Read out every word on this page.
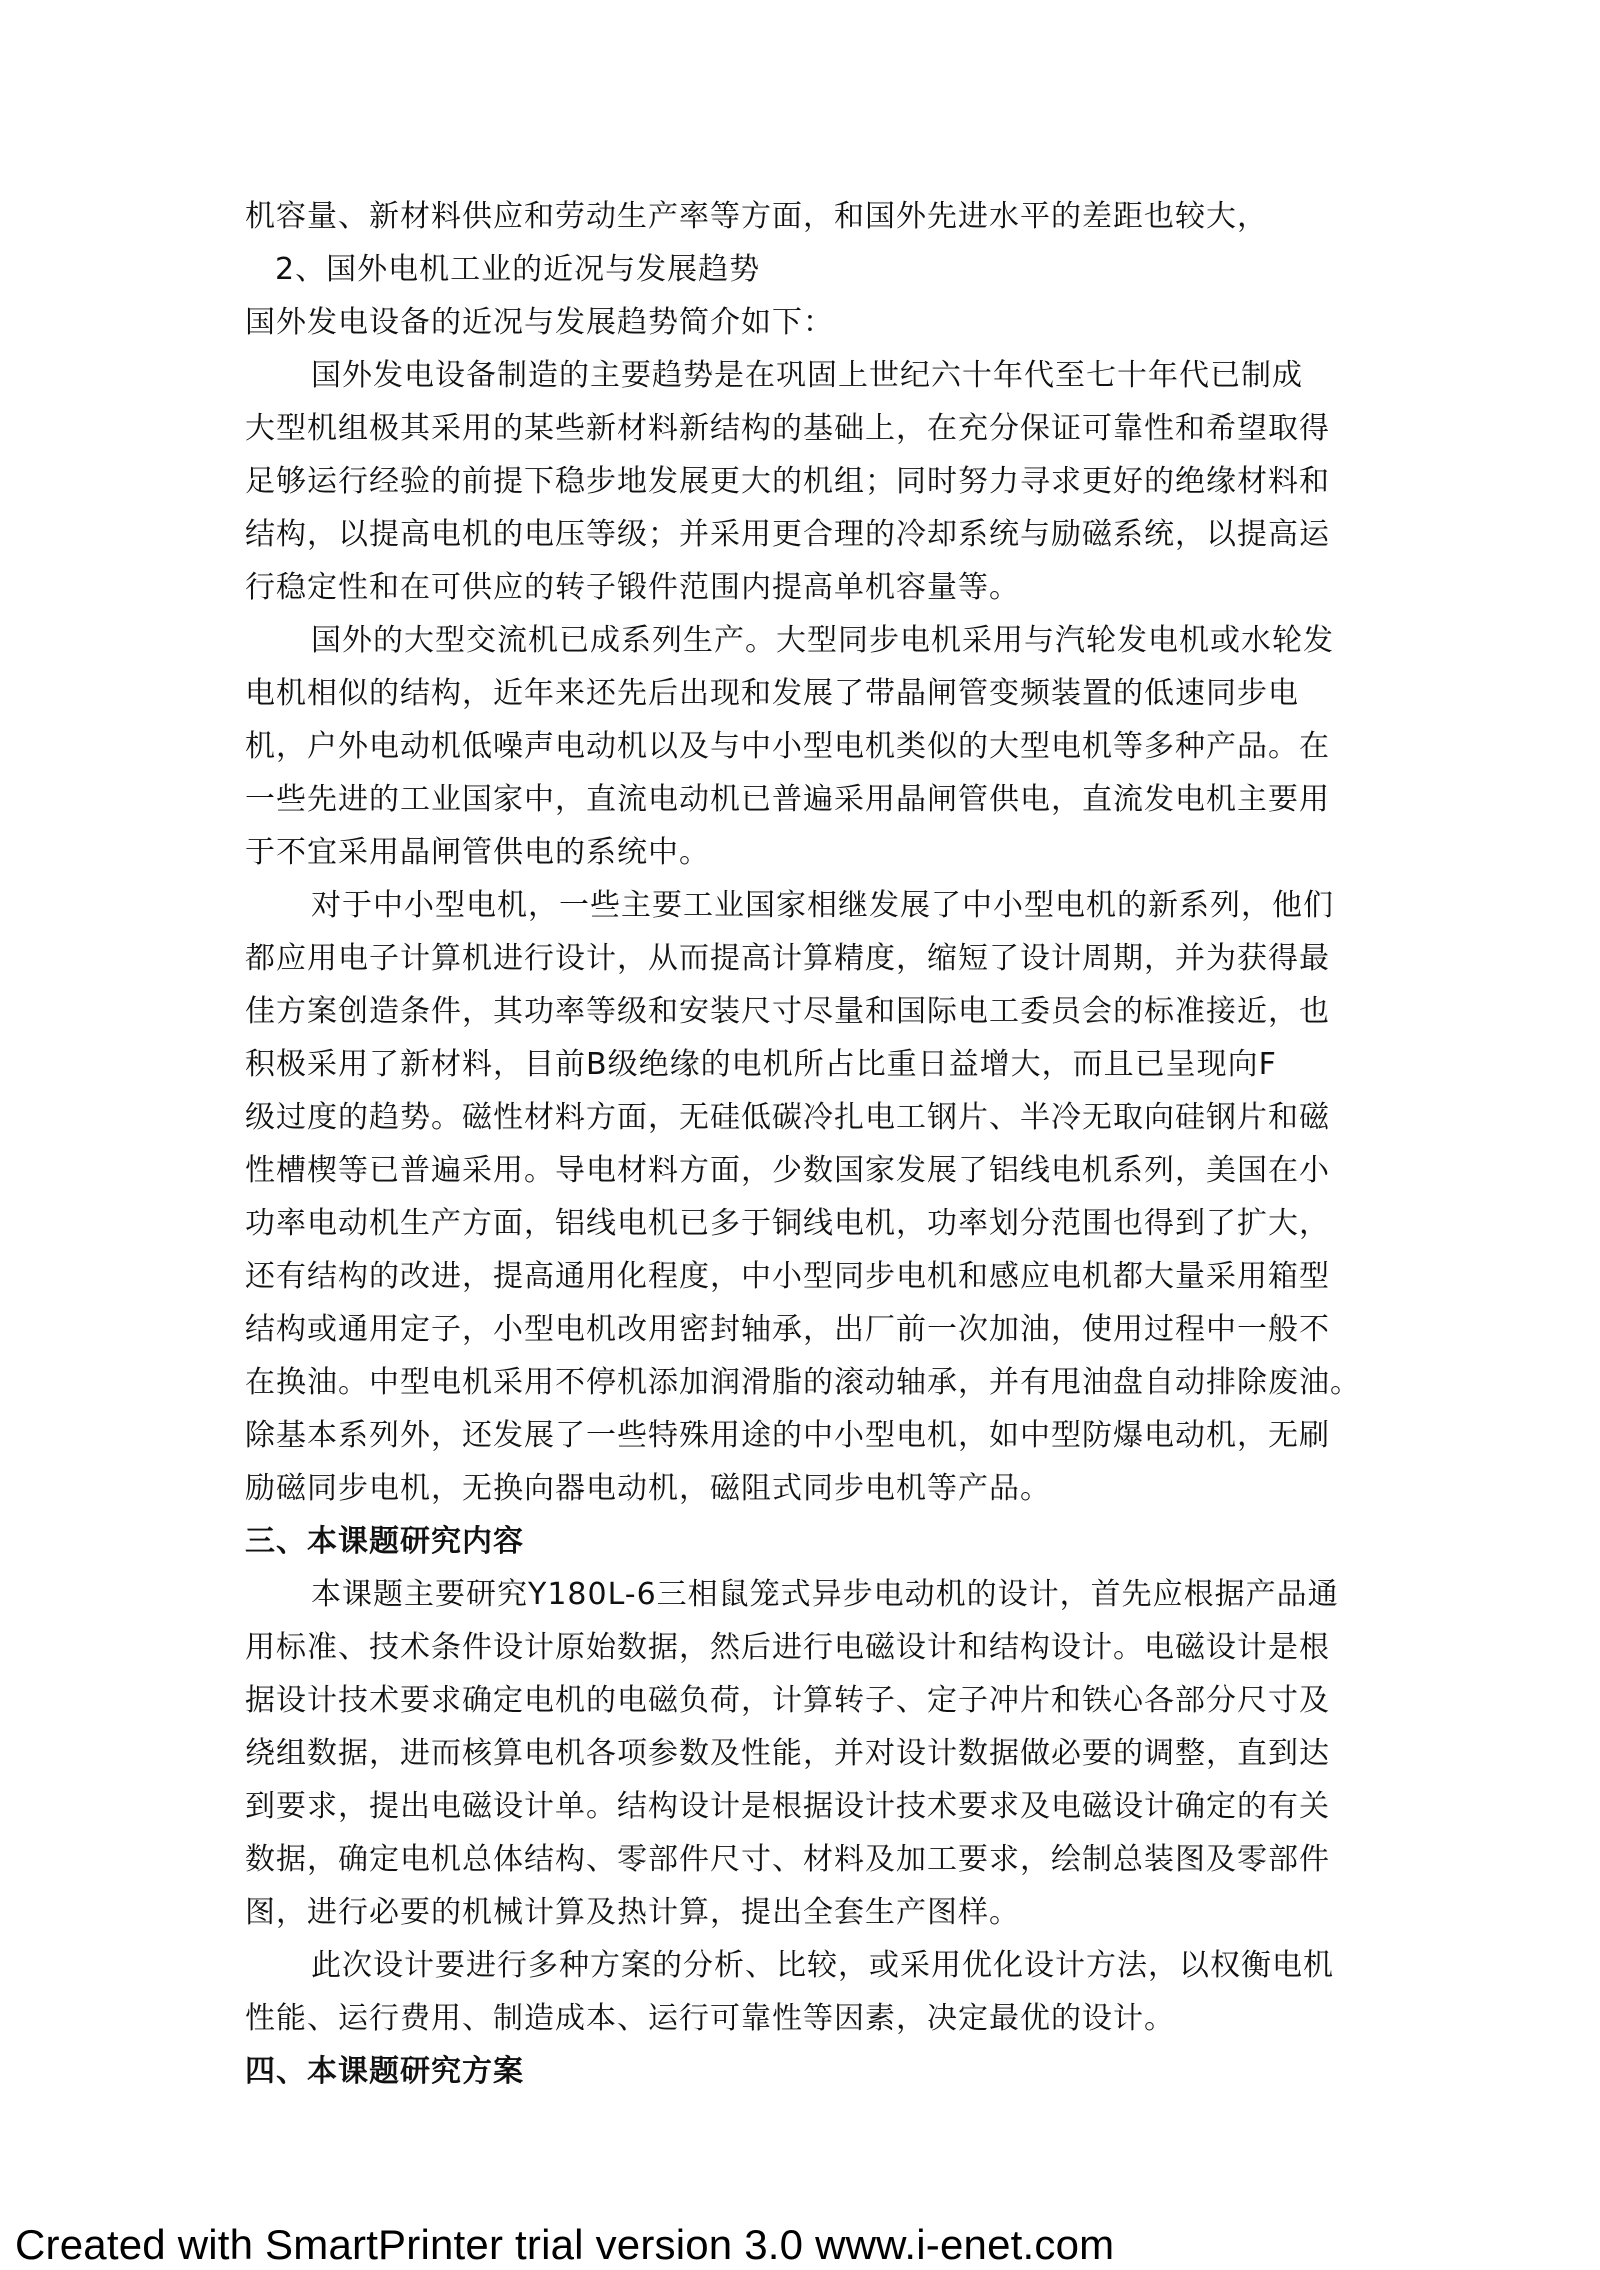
机容量、新材料供应和劳动生产率等方面，和国外先进水平的差距也较大，
2、国外电机工业的近况与发展趋势
国外发电设备的近况与发展趋势简介如下：
国外发电设备制造的主要趋势是在巩固上世纪六十年代至七十年代已制成
大型机组极其采用的某些新材料新结构的基础上，在充分保证可靠性和希望取得
足够运行经验的前提下稳步地发展更大的机组；同时努力寻求更好的绝缘材料和
结构，以提高电机的电压等级；并采用更合理的冷却系统与励磁系统，以提高运
行稳定性和在可供应的转子锻件范围内提高单机容量等。
国外的大型交流机已成系列生产。大型同步电机采用与汽轮发电机或水轮发
电机相似的结构，近年来还先后出现和发展了带晶闸管变频装置的低速同步电
机，户外电动机低噪声电动机以及与中小型电机类似的大型电机等多种产品。在
一些先进的工业国家中，直流电动机已普遍采用晶闸管供电，直流发电机主要用
于不宜采用晶闸管供电的系统中。
对于中小型电机，一些主要工业国家相继发展了中小型电机的新系列，他们
都应用电子计算机进行设计，从而提高计算精度，缩短了设计周期，并为获得最
佳方案创造条件，其功率等级和安装尺寸尽量和国际电工委员会的标准接近，也
积极采用了新材料，目前B级绝缘的电机所占比重日益增大，而且已呈现向F
级过度的趋势。磁性材料方面，无硅低碳冷扎电工钢片、半冷无取向硅钢片和磁
性槽楔等已普遍采用。导电材料方面，少数国家发展了铝线电机系列，美国在小
功率电动机生产方面，铝线电机已多于铜线电机，功率划分范围也得到了扩大，
还有结构的改进，提高通用化程度，中小型同步电机和感应电机都大量采用箱型
结构或通用定子，小型电机改用密封轴承，出厂前一次加油，使用过程中一般不
在换油。中型电机采用不停机添加润滑脂的滚动轴承，并有甩油盘自动排除废油。
除基本系列外，还发展了一些特殊用途的中小型电机，如中型防爆电动机，无刷
励磁同步电机，无换向器电动机，磁阻式同步电机等产品。
三、本课题研究内容
本课题主要研究Y180L-6三相鼠笼式异步电动机的设计，首先应根据产品通
用标准、技术条件设计原始数据，然后进行电磁设计和结构设计。电磁设计是根
据设计技术要求确定电机的电磁负荷，计算转子、定子冲片和铁心各部分尺寸及
绕组数据，进而核算电机各项参数及性能，并对设计数据做必要的调整，直到达
到要求，提出电磁设计单。结构设计是根据设计技术要求及电磁设计确定的有关
数据，确定电机总体结构、零部件尺寸、材料及加工要求，绘制总装图及零部件
图，进行必要的机械计算及热计算，提出全套生产图样。
此次设计要进行多种方案的分析、比较，或采用优化设计方法，以权衡电机
性能、运行费用、制造成本、运行可靠性等因素，决定最优的设计。
四、本课题研究方案
Created with SmartPrinter trial version 3.0 www.i-enet.com
